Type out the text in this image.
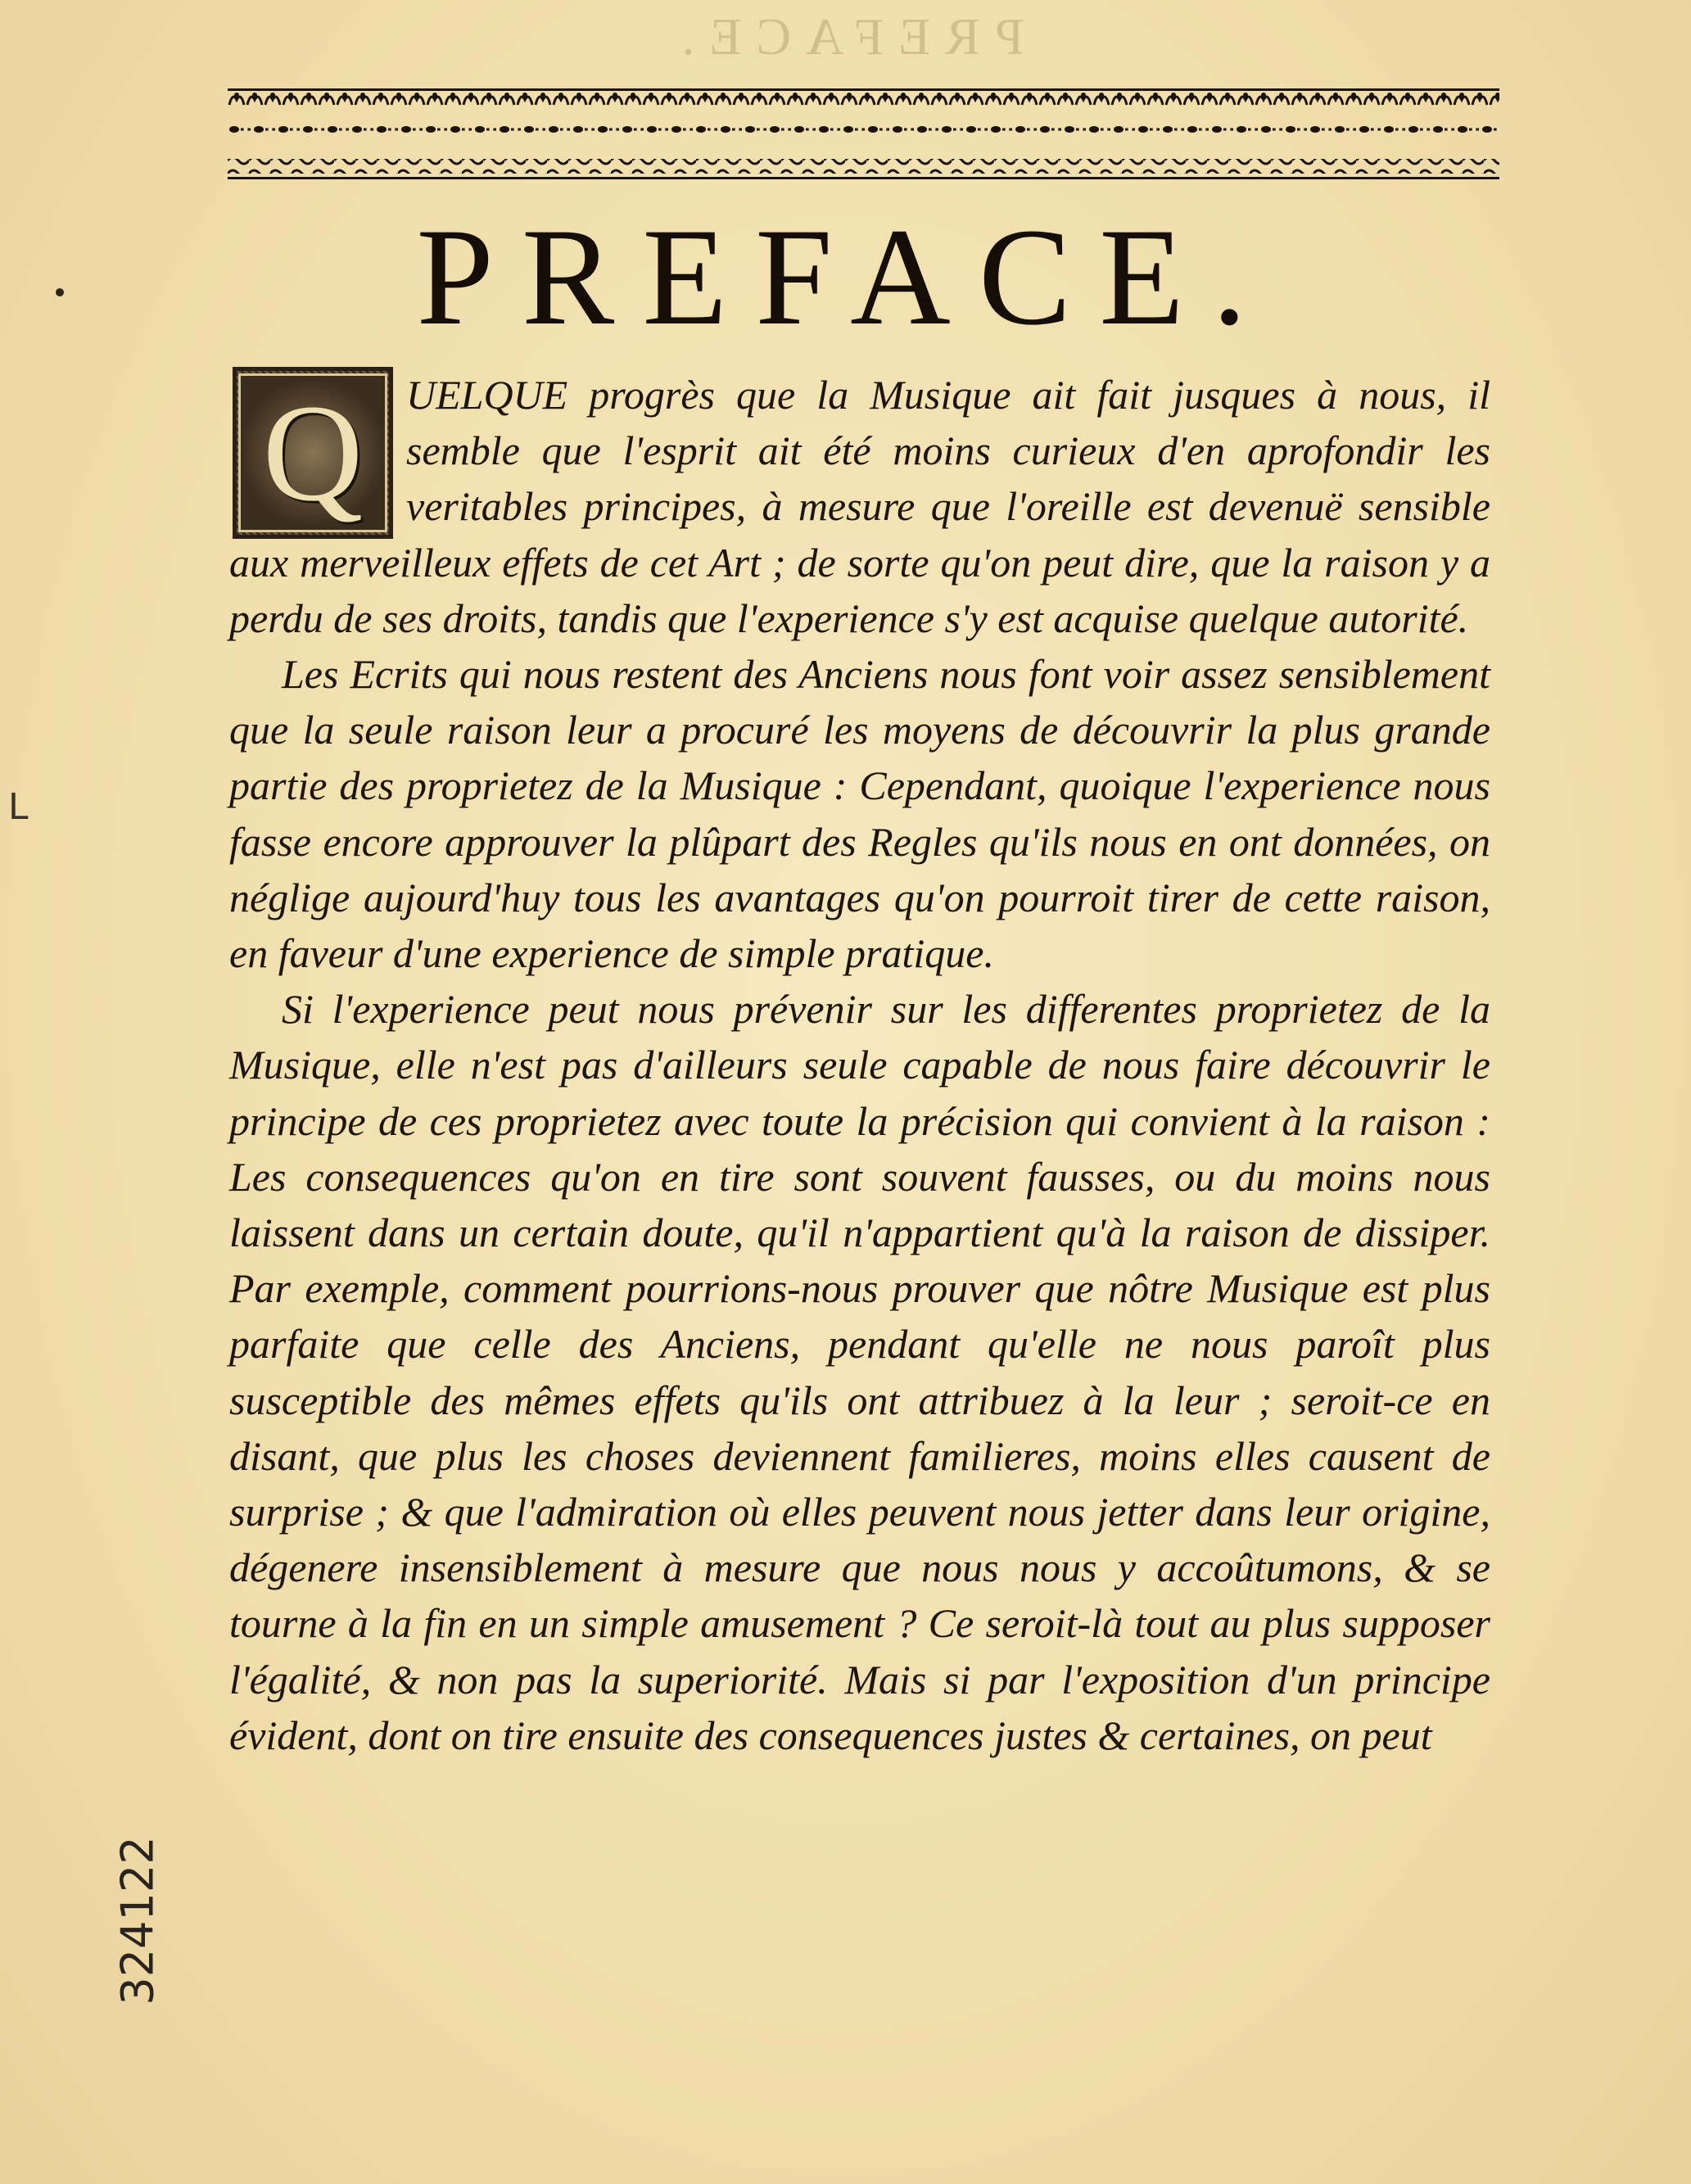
PREFACE.
PREFACE.
Q	UELQUE progrès que la Musique ait fait jusques à nous, il semble que l'esprit ait été moins curieux d'en aprofondir les veritables principes, à mesure que l'oreille est devenuë sensible aux merveilleux effets de cet Art ; de sorte qu'on peut dire, que la raison y a perdu de ses droits, tandis que l'experience s'y est acquise quelque autorité.

Les Ecrits qui nous restent des Anciens nous font voir assez sensiblement que la seule raison leur a procuré les moyens de découvrir la plus grande partie des proprietez de la Musique : Cependant, quoique l'experience nous fasse encore approuver la plûpart des Regles qu'ils nous en ont données, on néglige aujourd'huy tous les avantages qu'on pourroit tirer de cette raison, en faveur d'une experience de simple pratique.

Si l'experience peut nous prévenir sur les differentes proprietez de la Musique, elle n'est pas d'ailleurs seule capable de nous faire découvrir le principe de ces proprietez avec toute la précision qui convient à la raison : Les consequences qu'on en tire sont souvent fausses, ou du moins nous laissent dans un certain doute, qu'il n'appartient qu'à la raison de dissiper. Par exemple, comment pourrions-nous prouver que nôtre Musique est plus parfaite que celle des Anciens, pendant qu'elle ne nous paroît plus susceptible des mêmes effets qu'ils ont attribuez à la leur ; seroit-ce en disant, que plus les choses deviennent familieres, moins elles causent de surprise ; & que l'admiration où elles peuvent nous jetter dans leur origine, dégenere insensiblement à mesure que nous nous y accoûtumons, & se tourne à la fin en un simple amusement ? Ce seroit-là tout au plus supposer l'égalité, & non pas la superiorité. Mais si par l'exposition d'un principe évident, dont on tire ensuite des consequences justes & certaines, on peut

L
324122
